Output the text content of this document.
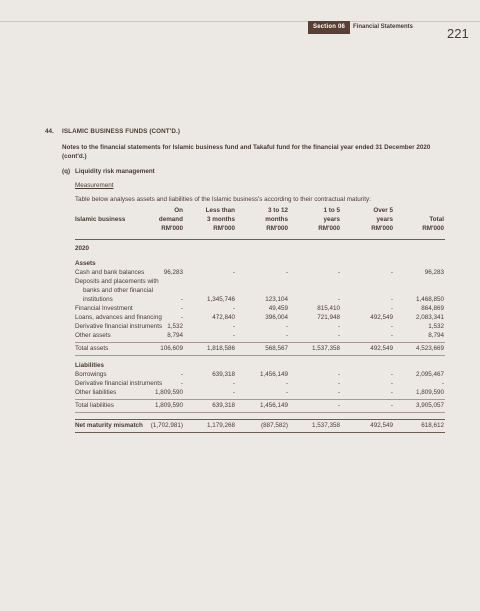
Section 06	Financial Statements	221
44. ISLAMIC BUSINESS FUNDS (CONT'D.)
Notes to the financial statements for Islamic business fund and Takaful fund for the financial year ended 31 December 2020 (cont'd.)
(q) Liquidity risk management
Measurement
Table below analyses assets and liabilities of the Islamic business's according to their contractual maturity:
On	Less than	3 to 12	1 to 5	Over 5
Islamic business	demand	3 months	months	years	years	Total
RM'000	RM'000	RM'000	RM'000	RM'000	RM'000
2020
Assets
Cash and bank balances	96,283	-	-	-	-	96,283
Deposits and placements with
banks and other financial
institutions	-	1,345,746	123,104	-	-	1,468,850
Financial Investment	-	-	49,459	815,410	-	864,869
Loans, advances and financing	-	472,840	396,004	721,948	492,549	2,083,341
Derivative financial instruments 1,532	-	-	-	-	1,532
Other assets	8,794	-	-	-	-	8,794
Total assets	106,609	1,818,586	568,567	1,537,358	492,549	4,523,669
Liabilities
Borrowings	-	639,318	1,456,149	-	-	2,095,467
Derivative financial instruments	-	-	-	-	-	-
Other liabilities	1,809,590	-	-	-	-	1,809,590
Total liabilities	1,809,590	639,318	1,456,149	-	-	3,905,057
Net maturity mismatch (1,702,981)	1,179,268	(887,582)	1,537,358	492,549	618,612
